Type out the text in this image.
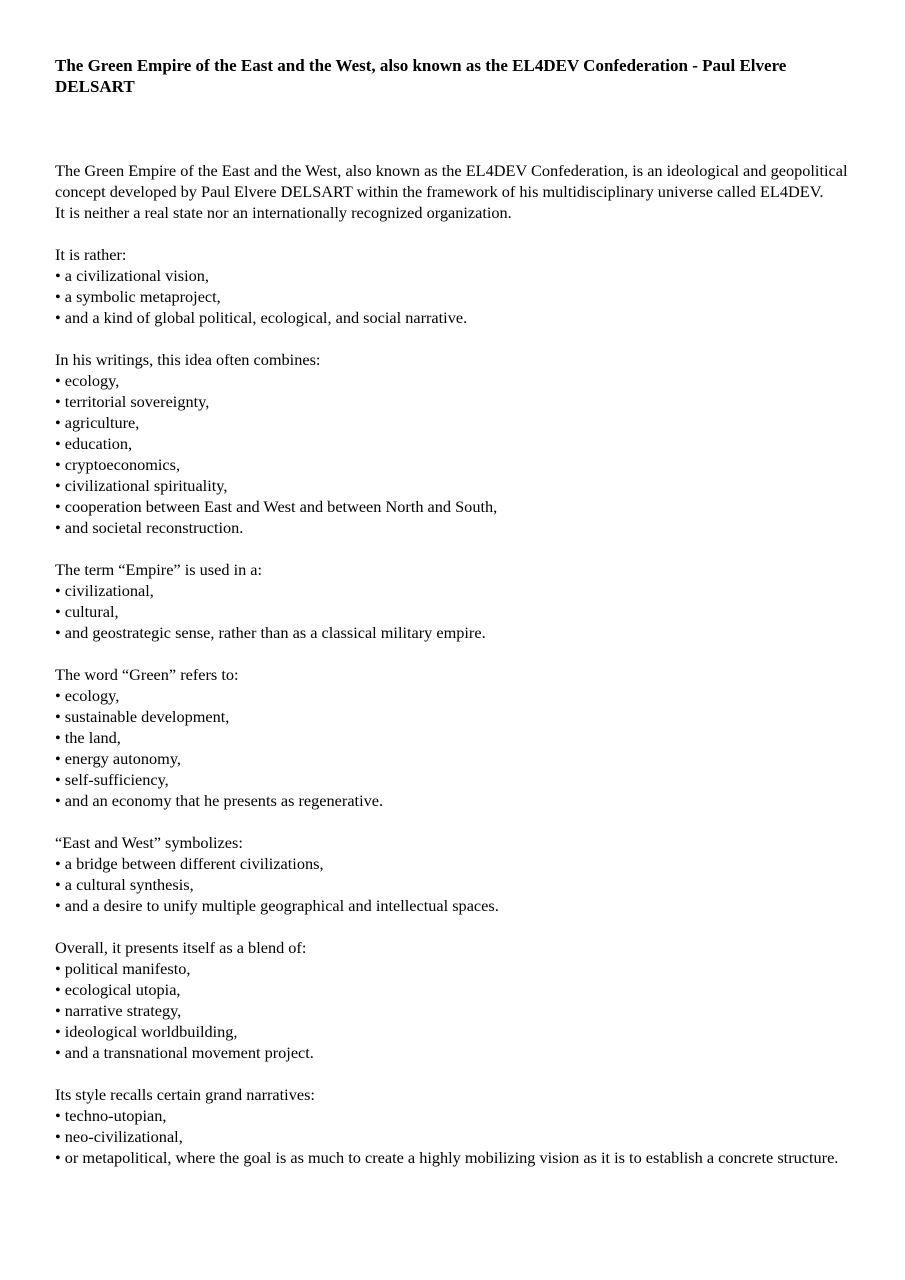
The Green Empire of the East and the West, also known as the EL4DEV Confederation - Paul Elvere DELSART
The Green Empire of the East and the West, also known as the EL4DEV Confederation, is an ideological and geopolitical concept developed by Paul Elvere DELSART within the framework of his multidisciplinary universe called EL4DEV.
It is neither a real state nor an internationally recognized organization.
It is rather:
• a civilizational vision,
• a symbolic metaproject,
• and a kind of global political, ecological, and social narrative.
In his writings, this idea often combines:
• ecology,
• territorial sovereignty,
• agriculture,
• education,
• cryptoeconomics,
• civilizational spirituality,
• cooperation between East and West and between North and South,
• and societal reconstruction.
The term “Empire” is used in a:
• civilizational,
• cultural,
• and geostrategic sense, rather than as a classical military empire.
The word “Green” refers to:
• ecology,
• sustainable development,
• the land,
• energy autonomy,
• self-sufficiency,
• and an economy that he presents as regenerative.
“East and West” symbolizes:
• a bridge between different civilizations,
• a cultural synthesis,
• and a desire to unify multiple geographical and intellectual spaces.
Overall, it presents itself as a blend of:
• political manifesto,
• ecological utopia,
• narrative strategy,
• ideological worldbuilding,
• and a transnational movement project.
Its style recalls certain grand narratives:
• techno-utopian,
• neo-civilizational,
• or metapolitical, where the goal is as much to create a highly mobilizing vision as it is to establish a concrete structure.
